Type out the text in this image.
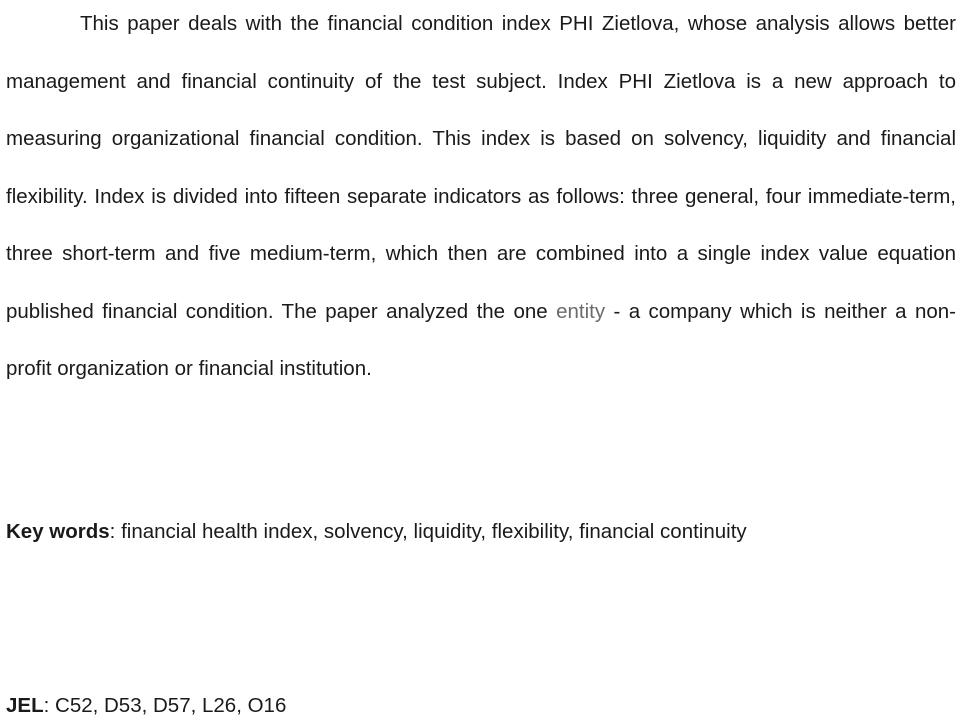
This paper deals with the financial condition index PHI Zietlova, whose analysis allows better management and financial continuity of the test subject. Index PHI Zietlova is a new approach to measuring organizational financial condition. This index is based on solvency, liquidity and financial flexibility. Index is divided into fifteen separate indicators as follows: three general, four immediate-term, three short-term and five medium-term, which then are combined into a single index value equation published financial condition. The paper analyzed the one entity - a company which is neither a non-profit organization or financial institution.

Key words: financial health index, solvency, liquidity, flexibility, financial continuity

JEL: C52, D53, D57, L26, O16
